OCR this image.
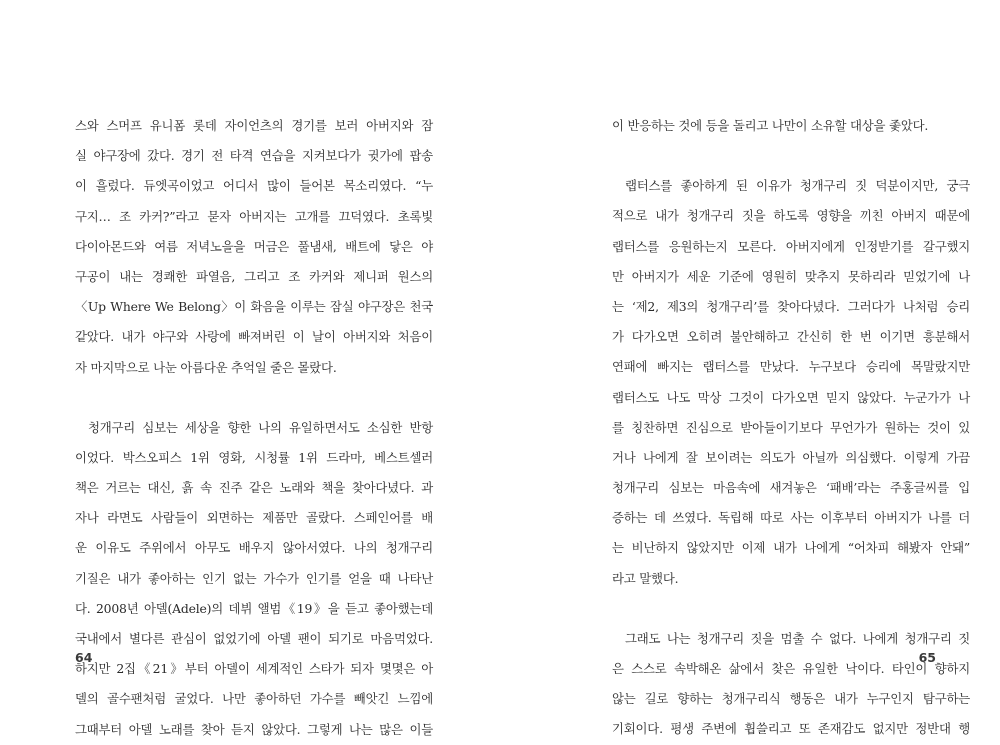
스와 스머프 유니폼 롯데 자이언츠의 경기를 보러 아버지와 잠
실 야구장에 갔다. 경기 전 타격 연습을 지켜보다가 귓가에 팝송
이 흘렀다. 듀엣곡이었고 어디서 많이 들어본 목소리였다. “누
구지… 조 카커?”라고 묻자 아버지는 고개를 끄덕였다. 초록빛
다이아몬드와 여름 저녁노을을 머금은 풀냄새, 배트에 닿은 야
구공이 내는 경쾌한 파열음, 그리고 조 카커와 제니퍼 원스의
〈Up Where We Belong〉이 화음을 이루는 잠실 야구장은 천국
같았다. 내가 야구와 사랑에 빠져버린 이 날이 아버지와 처음이
자 마지막으로 나눈 아름다운 추억일 줄은 몰랐다.
청개구리 심보는 세상을 향한 나의 유일하면서도 소심한 반항
이었다. 박스오피스 1위 영화, 시청률 1위 드라마, 베스트셀러
책은 거르는 대신, 흙 속 진주 같은 노래와 책을 찾아다녔다. 과
자나 라면도 사람들이 외면하는 제품만 골랐다. 스페인어를 배
운 이유도 주위에서 아무도 배우지 않아서였다. 나의 청개구리
기질은 내가 좋아하는 인기 없는 가수가 인기를 얻을 때 나타난
다. 2008년 아델(Adele)의 데뷔 앨범《19》을 듣고 좋아했는데
국내에서 별다른 관심이 없었기에 아델 팬이 되기로 마음먹었다.
하지만 2집《21》부터 아델이 세계적인 스타가 되자 몇몇은 아
델의 골수팬처럼 굴었다. 나만 좋아하던 가수를 빼앗긴 느낌에
그때부터 아델 노래를 찾아 듣지 않았다. 그렇게 나는 많은 이들
64
이 반응하는 것에 등을 돌리고 나만이 소유할 대상을 좇았다.
랩터스를 좋아하게 된 이유가 청개구리 짓 덕분이지만, 궁극
적으로 내가 청개구리 짓을 하도록 영향을 끼친 아버지 때문에
랩터스를 응원하는지 모른다. 아버지에게 인정받기를 갈구했지
만 아버지가 세운 기준에 영원히 맞추지 못하리라 믿었기에 나
는 ‘제2, 제3의 청개구리’를 찾아다녔다. 그러다가 나처럼 승리
가 다가오면 오히려 불안해하고 간신히 한 번 이기면 흥분해서
연패에 빠지는 랩터스를 만났다. 누구보다 승리에 목말랐지만
랩터스도 나도 막상 그것이 다가오면 믿지 않았다. 누군가가 나
를 칭찬하면 진심으로 받아들이기보다 무언가가 원하는 것이 있
거나 나에게 잘 보이려는 의도가 아닐까 의심했다. 이렇게 가끔
청개구리 심보는 마음속에 새겨놓은 ‘패배’라는 주홍글씨를 입
증하는 데 쓰였다. 독립해 따로 사는 이후부터 아버지가 나를 더
는 비난하지 않았지만 이제 내가 나에게 “어차피 해봤자 안돼”
라고 말했다.
그래도 나는 청개구리 짓을 멈출 수 없다. 나에게 청개구리 짓
은 스스로 속박해온 삶에서 찾은 유일한 낙이다. 타인이 향하지
않는 길로 향하는 청개구리식 행동은 내가 누구인지 탐구하는
기회이다. 평생 주변에 휩쓸리고 또 존재감도 없지만 정반대 행
65
